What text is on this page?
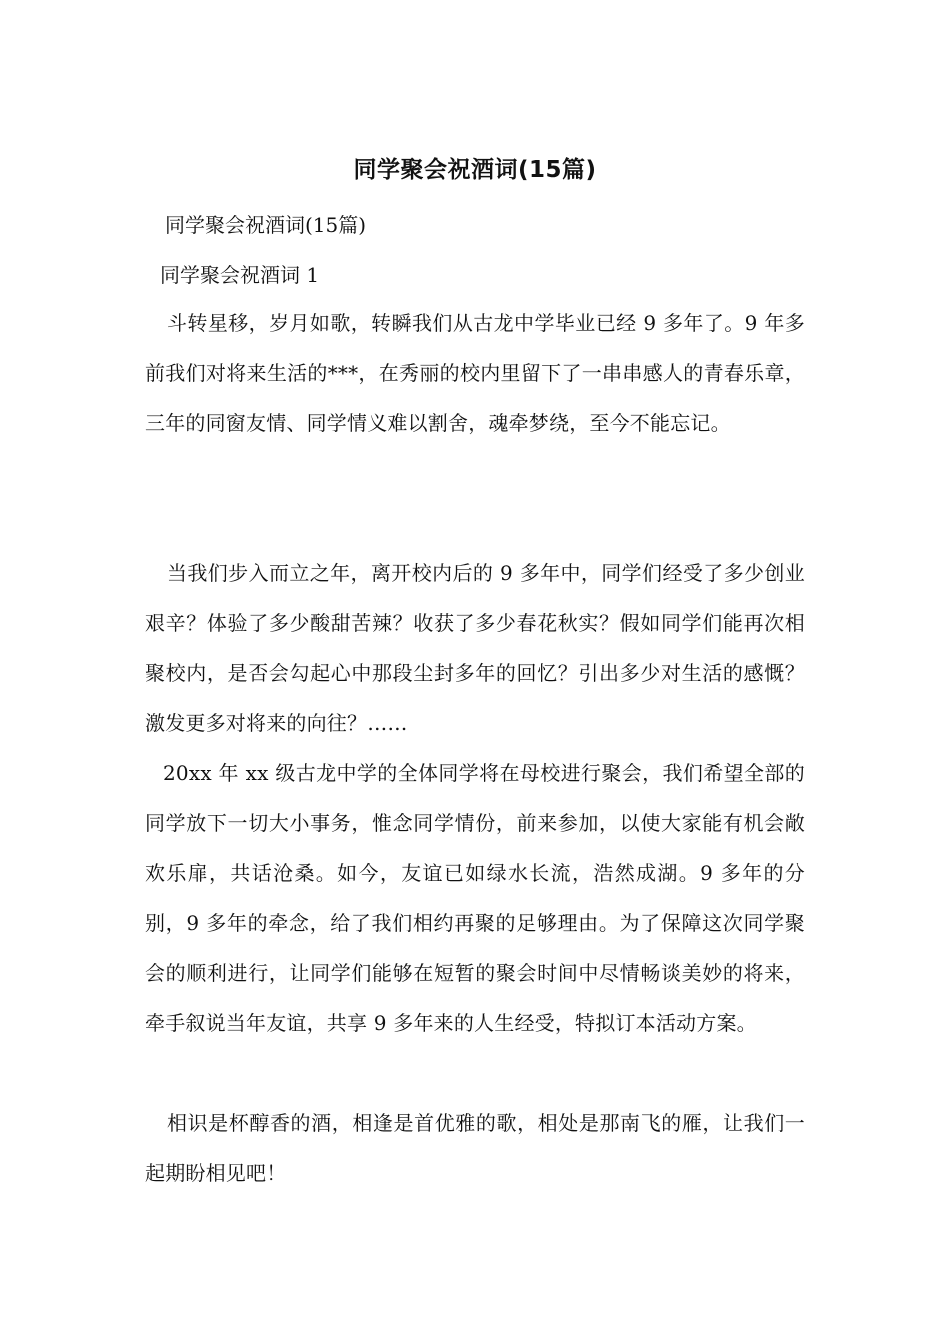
同学聚会祝酒词(15篇)
同学聚会祝酒词(15篇)
同学聚会祝酒词 1

斗转星移，岁月如歌，转瞬我们从古龙中学毕业已经 9 多年了。9 年多前我们对将来生活的***，在秀丽的校内里留下了一串串感人的青春乐章，三年的同窗友情、同学情义难以割舍，魂牵梦绕，至今不能忘记。

当我们步入而立之年，离开校内后的 9 多年中，同学们经受了多少创业艰辛？体验了多少酸甜苦辣？收获了多少春花秋实？假如同学们能再次相聚校内，是否会勾起心中那段尘封多年的回忆？引出多少对生活的感慨？激发更多对将来的向往？……

20xx 年 xx 级古龙中学的全体同学将在母校进行聚会，我们希望全部的同学放下一切大小事务，惟念同学情份，前来参加，以使大家能有机会敞欢乐扉，共话沧桑。如今，友谊已如绿水长流，浩然成湖。9 多年的分别，9 多年的牵念，给了我们相约再聚的足够理由。为了保障这次同学聚会的顺利进行，让同学们能够在短暂的聚会时间中尽情畅谈美妙的将来，牵手叙说当年友谊，共享 9 多年来的人生经受，特拟订本活动方案。

相识是杯醇香的酒，相逢是首优雅的歌，相处是那南飞的雁，让我们一起期盼相见吧！
